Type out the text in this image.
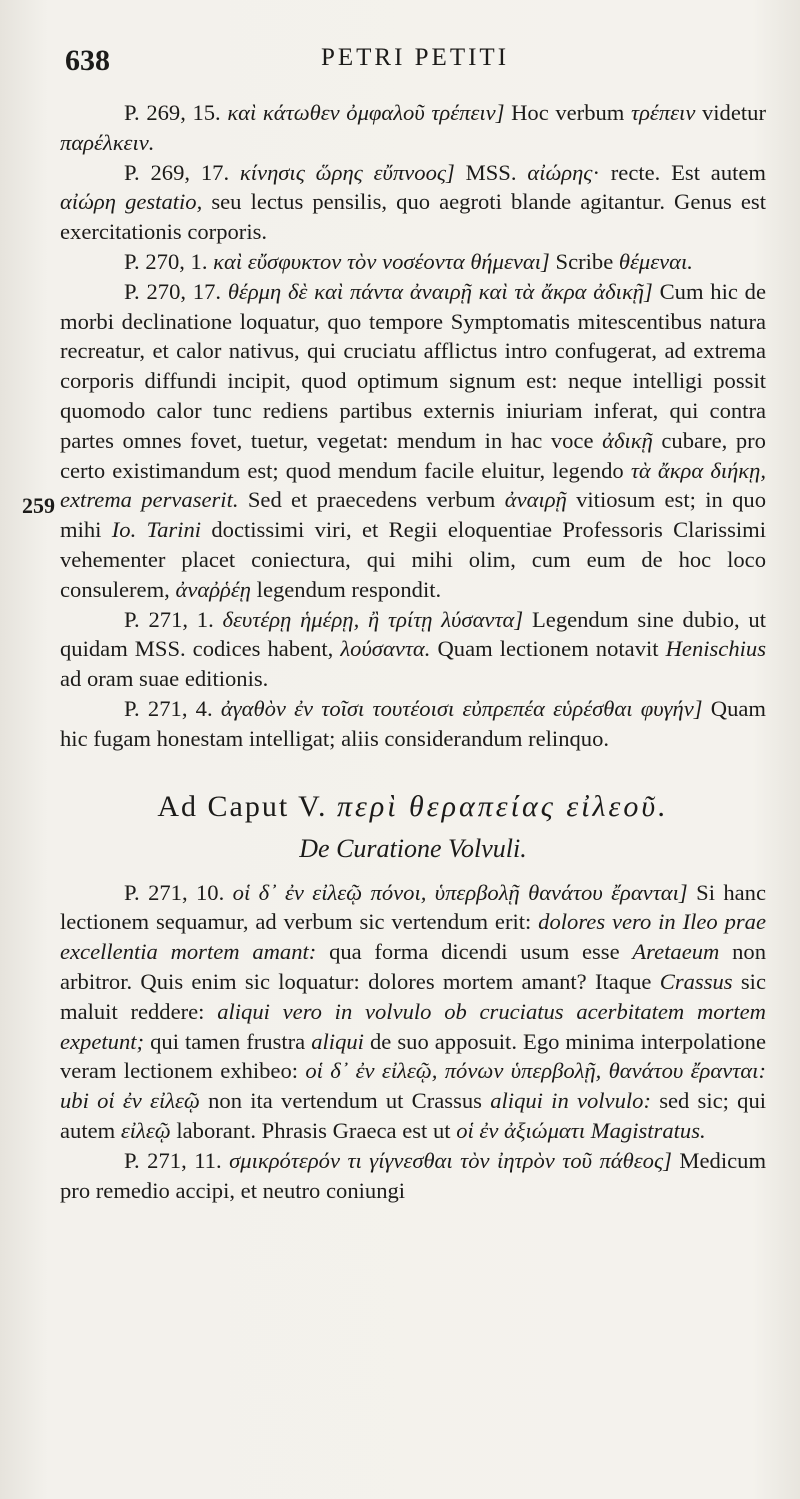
638	PETRI PETITI
259

P. 269, 15. καὶ κάτωθεν ὀμφαλοῦ τρέπειν] Hoc verbum τρέπειν videtur παρέλκειν.

P. 269, 17. κίνησις ὥρης εὔπνοος] MSS. αἰώρης· recte. Est autem αἰώρη gestatio, seu lectus pensilis, quo aegroti blande agitantur. Genus est exercitationis corporis.

P. 270, 1. καὶ εὔσφυκτον τὸν νοσέοντα θήμεναι] Scribe θέμεναι.

P. 270, 17. θέρμη δὲ καὶ πάντα ἀναιρῇ καὶ τὰ ἄκρα ἀδικῇ] Cum hic de morbi declinatione loquatur, quo tempore Symptomatis mitescentibus natura recreatur, et calor nativus, qui cruciatu afflictus intro confugerat, ad extrema corporis diffundi incipit, quod optimum signum est: neque intelligi possit quomodo calor tunc rediens partibus externis iniuriam inferat, qui contra partes omnes fovet, tuetur, vegetat: mendum in hac voce ἀδικῇ cubare, pro certo existimandum est; quod mendum facile eluitur, legendo τὰ ἄκρα διήκῃ, extrema pervaserit. Sed et praecedens verbum ἀναιρῇ vitiosum est; in quo mihi Io. Tarini doctissimi viri, et Regii eloquentiae Professoris Clarissimi vehementer placet coniectura, qui mihi olim, cum eum de hoc loco consulerem, ἀναῤῥέῃ legendum respondit.

P. 271, 1. δευτέρῃ ἡμέρῃ, ἢ τρίτῃ λύσαντα] Legendum sine dubio, ut quidam MSS. codices habent, λούσαντα. Quam lectionem notavit Henischius ad oram suae editionis.

P. 271, 4. ἀγαθὸν ἐν τοῖσι τουτέοισι εὐπρεπέα εὑρέσθαι φυγήν] Quam hic fugam honestam intelligat; aliis considerandum relinquo.

Ad Caput V. περὶ θεραπείας εἰλεοῦ.
De Curatione Volvuli.

P. 271, 10. οἱ δ᾽ ἐν εἰλεῷ πόνοι, ὑπερβολῇ θανάτου ἔρανται] Si hanc lectionem sequamur, ad verbum sic vertendum erit: dolores vero in Ileo prae excellentia mortem amant: qua forma dicendi usum esse Aretaeum non arbitror. Quis enim sic loquatur: dolores mortem amant? Itaque Crassus sic maluit reddere: aliqui vero in volvulo ob cruciatus acerbitatem mortem expetunt; qui tamen frustra aliqui de suo apposuit. Ego minima interpolatione veram lectionem exhibeo: οἱ δ᾽ ἐν εἰλεῷ, πόνων ὑπερβολῇ, θανάτου ἔρανται: ubi οἱ ἐν εἰλεῷ non ita vertendum ut Crassus aliqui in volvulo: sed sic; qui autem εἰλεῷ laborant. Phrasis Graeca est ut οἱ ἐν ἀξιώματι Magistratus.

P. 271, 11. σμικρότερόν τι γίγνεσθαι τὸν ἰητρὸν τοῦ πάθεος] Medicum pro remedio accipi, et neutro coniungi
